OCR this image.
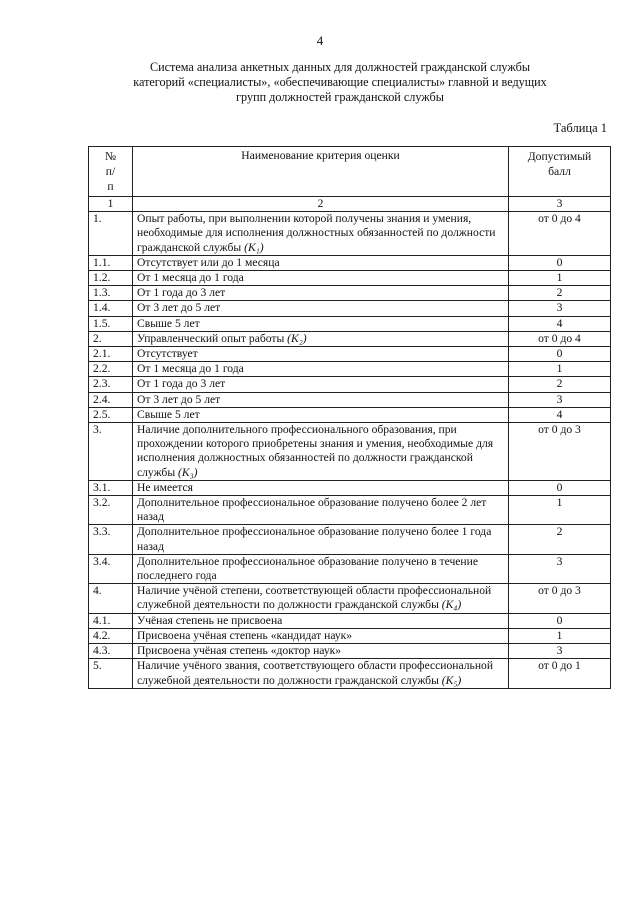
4
Система анализа анкетных данных для должностей гражданской службы
категорий «специалисты», «обеспечивающие специалисты» главной и ведущих
групп должностей гражданской службы
Таблица 1
№ п/п	Наименование критерия оценки	Допустимый балл
1	2	3
1.	Опыт работы, при выполнении которой получены знания и умения, необходимые для исполнения должностных обязанностей по должности гражданской службы (K₁)	от 0 до 4
1.1.	Отсутствует или до 1 месяца	0
1.2.	От 1 месяца до 1 года	1
1.3.	От 1 года до 3 лет	2
1.4.	От 3 лет до 5 лет	3
1.5.	Свыше 5 лет	4
2.	Управленческий опыт работы (K₂)	от 0 до 4
2.1.	Отсутствует	0
2.2.	От 1 месяца до 1 года	1
2.3.	От 1 года до 3 лет	2
2.4.	От 3 лет до 5 лет	3
2.5.	Свыше 5 лет	4
3.	Наличие дополнительного профессионального образования, при прохождении которого приобретены знания и умения, необходимые для исполнения должностных обязанностей по должности гражданской службы (K₃)	от 0 до 3
3.1.	Не имеется	0
3.2.	Дополнительное профессиональное образование получено более 2 лет назад	1
3.3.	Дополнительное профессиональное образование получено более 1 года назад	2
3.4.	Дополнительное профессиональное образование получено в течение последнего года	3
4.	Наличие учёной степени, соответствующей области профессиональной служебной деятельности по должности гражданской службы (K₄)	от 0 до 3
4.1.	Учёная степень не присвоена	0
4.2.	Присвоена учёная степень «кандидат наук»	1
4.3.	Присвоена учёная степень «доктор наук»	3
5.	Наличие учёного звания, соответствующего области профессиональной служебной деятельности по должности гражданской службы (K₅)	от 0 до 1
